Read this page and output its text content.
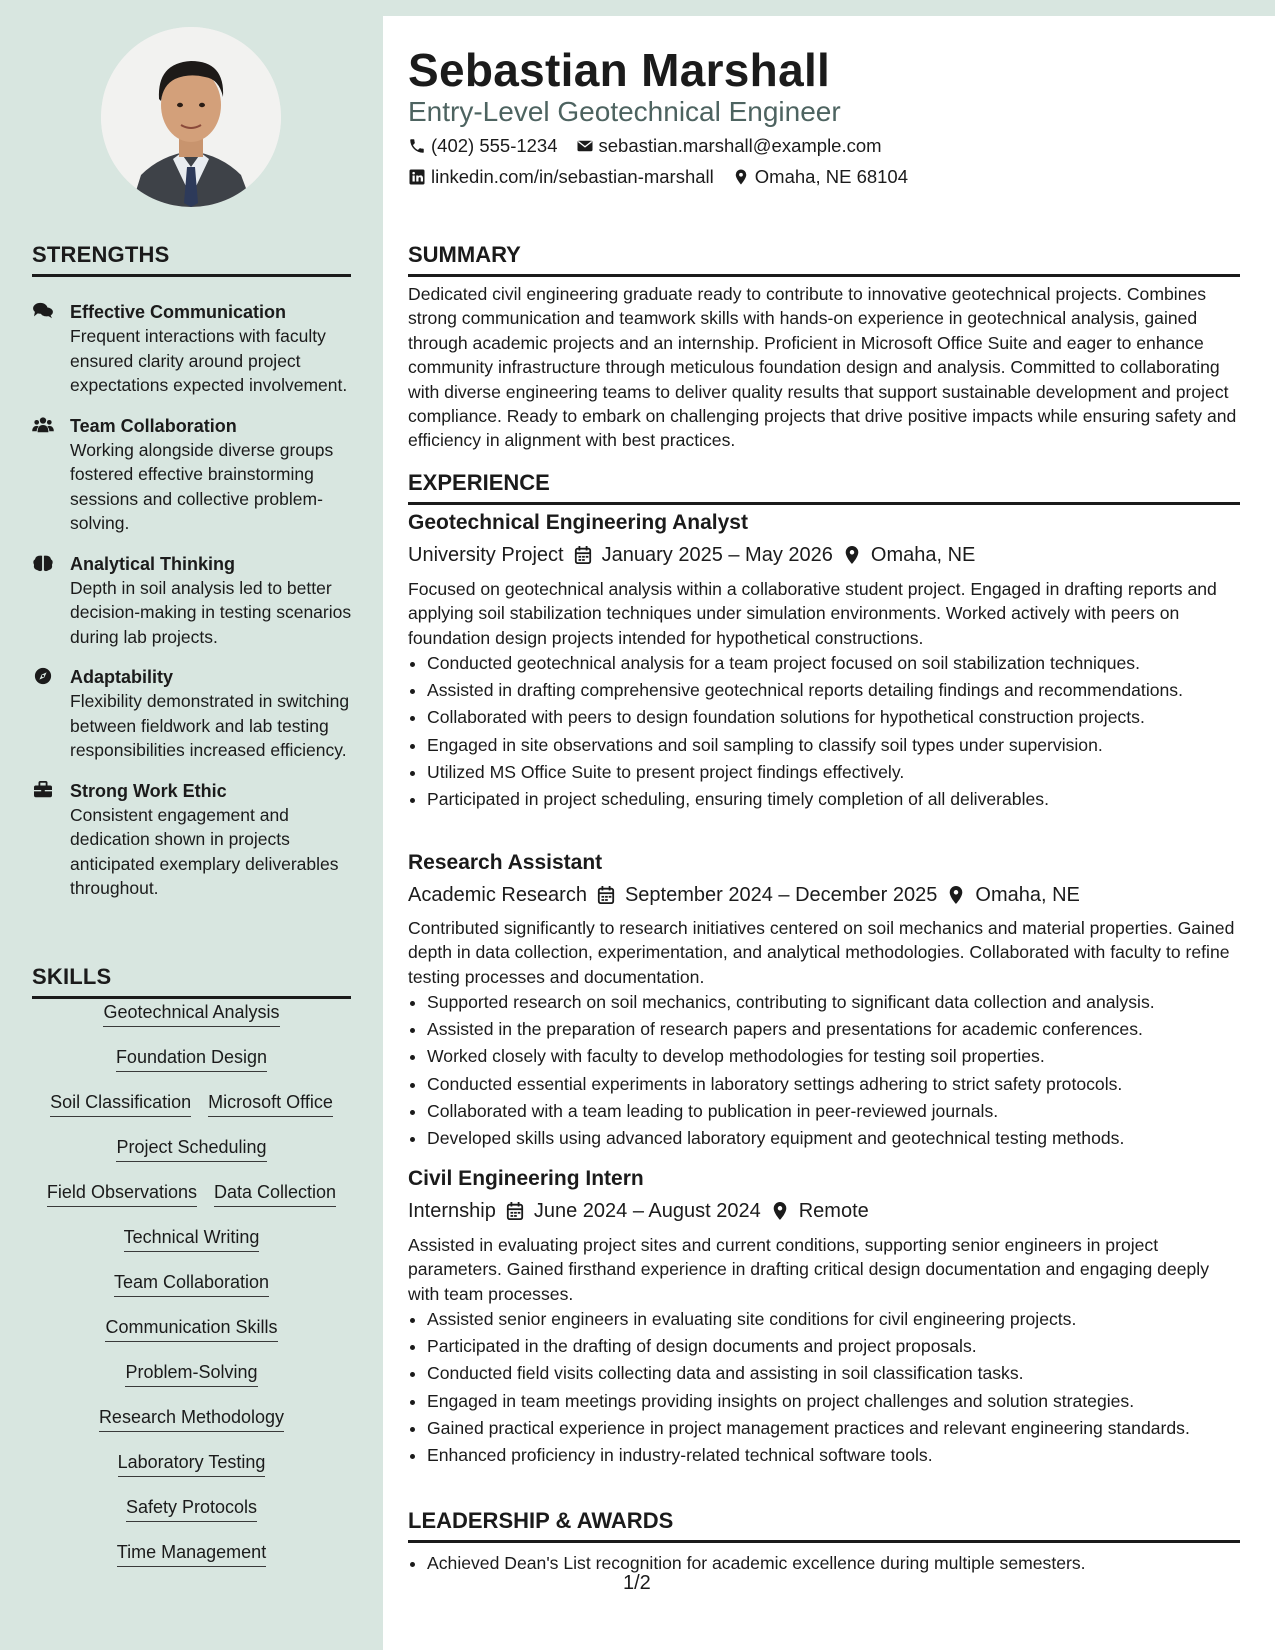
Sebastian Marshall
Entry-Level Geotechnical Engineer
(402) 555-1234 sebastian.marshall@example.com
linkedin.com/in/sebastian-marshall Omaha, NE 68104
STRENGTHS
Effective Communication
Frequent interactions with faculty ensured clarity around project expectations expected involvement.
Team Collaboration
Working alongside diverse groups fostered effective brainstorming sessions and collective problem-solving.
Analytical Thinking
Depth in soil analysis led to better decision-making in testing scenarios during lab projects.
Adaptability
Flexibility demonstrated in switching between fieldwork and lab testing responsibilities increased efficiency.
Strong Work Ethic
Consistent engagement and dedication shown in projects anticipated exemplary deliverables throughout.
SKILLS
Geotechnical Analysis
Foundation Design
Soil Classification Microsoft Office
Project Scheduling
Field Observations Data Collection
Technical Writing
Team Collaboration
Communication Skills
Problem-Solving
Research Methodology
Laboratory Testing
Safety Protocols
Time Management
SUMMARY
Dedicated civil engineering graduate ready to contribute to innovative geotechnical projects. Combines strong communication and teamwork skills with hands-on experience in geotechnical analysis, gained through academic projects and an internship. Proficient in Microsoft Office Suite and eager to enhance community infrastructure through meticulous foundation design and analysis. Committed to collaborating with diverse engineering teams to deliver quality results that support sustainable development and project compliance. Ready to embark on challenging projects that drive positive impacts while ensuring safety and efficiency in alignment with best practices.
EXPERIENCE
Geotechnical Engineering Analyst
University Project January 2025 – May 2026 Omaha, NE
Focused on geotechnical analysis within a collaborative student project. Engaged in drafting reports and applying soil stabilization techniques under simulation environments. Worked actively with peers on foundation design projects intended for hypothetical constructions.
• Conducted geotechnical analysis for a team project focused on soil stabilization techniques.
• Assisted in drafting comprehensive geotechnical reports detailing findings and recommendations.
• Collaborated with peers to design foundation solutions for hypothetical construction projects.
• Engaged in site observations and soil sampling to classify soil types under supervision.
• Utilized MS Office Suite to present project findings effectively.
• Participated in project scheduling, ensuring timely completion of all deliverables.
Research Assistant
Academic Research September 2024 – December 2025 Omaha, NE
Contributed significantly to research initiatives centered on soil mechanics and material properties. Gained depth in data collection, experimentation, and analytical methodologies. Collaborated with faculty to refine testing processes and documentation.
• Supported research on soil mechanics, contributing to significant data collection and analysis.
• Assisted in the preparation of research papers and presentations for academic conferences.
• Worked closely with faculty to develop methodologies for testing soil properties.
• Conducted essential experiments in laboratory settings adhering to strict safety protocols.
• Collaborated with a team leading to publication in peer-reviewed journals.
• Developed skills using advanced laboratory equipment and geotechnical testing methods.
Civil Engineering Intern
Internship June 2024 – August 2024 Remote
Assisted in evaluating project sites and current conditions, supporting senior engineers in project parameters. Gained firsthand experience in drafting critical design documentation and engaging deeply with team processes.
• Assisted senior engineers in evaluating site conditions for civil engineering projects.
• Participated in the drafting of design documents and project proposals.
• Conducted field visits collecting data and assisting in soil classification tasks.
• Engaged in team meetings providing insights on project challenges and solution strategies.
• Gained practical experience in project management practices and relevant engineering standards.
• Enhanced proficiency in industry-related technical software tools.
LEADERSHIP & AWARDS
• Achieved Dean's List recognition for academic excellence during multiple semesters.
1/2
